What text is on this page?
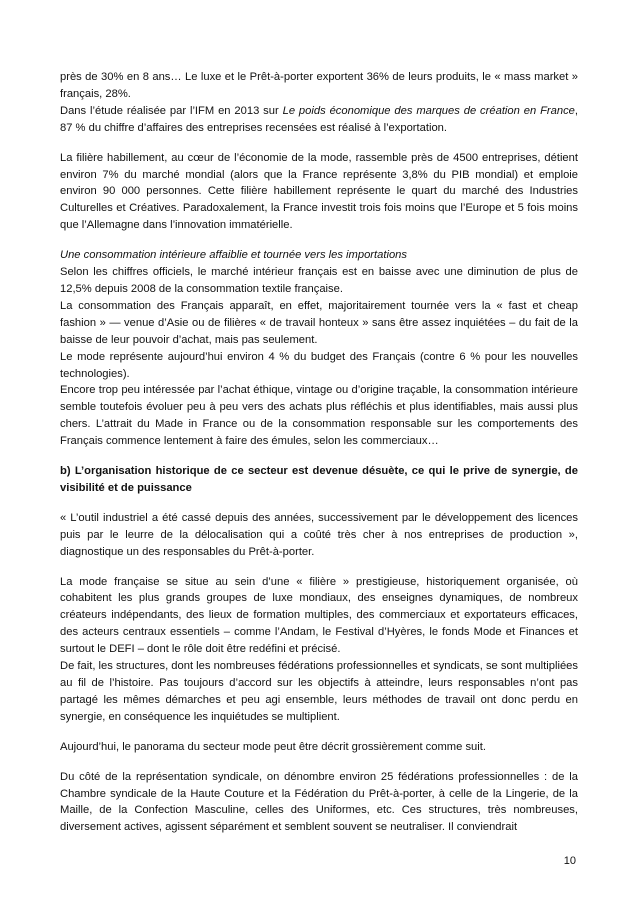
près de 30% en 8 ans… Le luxe et le Prêt-à-porter exportent 36% de leurs produits, le « mass market » français, 28%.

Dans l’étude réalisée par l’IFM en 2013 sur Le poids économique des marques de création en France, 87 % du chiffre d’affaires des entreprises recensées est réalisé à l’exportation.

La filière habillement, au cœur de l’économie de la mode, rassemble près de 4500 entreprises, détient environ 7% du marché mondial (alors que la France représente 3,8% du PIB mondial) et emploie environ 90 000 personnes. Cette filière habillement représente le quart du marché des Industries Culturelles et Créatives. Paradoxalement, la France investit trois fois moins que l’Europe et 5 fois moins que l’Allemagne dans l’innovation immatérielle.

Une consommation intérieure affaiblie et tournée vers les importations

Selon les chiffres officiels, le marché intérieur français est en baisse avec une diminution de plus de 12,5% depuis 2008 de la consommation textile française.

La consommation des Français apparaît, en effet, majoritairement tournée vers la « fast et cheap fashion » — venue d’Asie ou de filières « de travail honteux » sans être assez inquiétées – du fait de la baisse de leur pouvoir d’achat, mais pas seulement.

Le mode représente aujourd’hui environ 4 % du budget des Français (contre 6 % pour les nouvelles technologies).

Encore trop peu intéressée par l’achat éthique, vintage ou d’origine traçable, la consommation intérieure semble toutefois évoluer peu à peu vers des achats plus réfléchis et plus identifiables, mais aussi plus chers. L’attrait du Made in France ou de la consommation responsable sur les comportements des Français commence lentement à faire des émules, selon les commerciaux…

b) L’organisation historique de ce secteur est devenue désuète, ce qui le prive de synergie, de visibilité et de puissance

« L’outil industriel a été cassé depuis des années, successivement par le développement des licences puis par le leurre de la délocalisation qui a coûté très cher à nos entreprises de production », diagnostique un des responsables du Prêt-à-porter.

La mode française se situe au sein d’une « filière » prestigieuse, historiquement organisée, où cohabitent les plus grands groupes de luxe mondiaux, des enseignes dynamiques, de nombreux créateurs indépendants, des lieux de formation multiples, des commerciaux et exportateurs efficaces, des acteurs centraux essentiels – comme l’Andam, le Festival d’Hyères, le fonds Mode et Finances et surtout le DEFI – dont le rôle doit être redéfini et précisé.

De fait, les structures, dont les nombreuses fédérations professionnelles et syndicats, se sont multipliées au fil de l’histoire. Pas toujours d’accord sur les objectifs à atteindre, leurs responsables n’ont pas partagé les mêmes démarches et peu agi ensemble, leurs méthodes de travail ont donc perdu en synergie, en conséquence les inquiétudes se multiplient.

Aujourd’hui, le panorama du secteur mode peut être décrit grossièrement comme suit.

Du côté de la représentation syndicale, on dénombre environ 25 fédérations professionnelles : de la Chambre syndicale de la Haute Couture et la Fédération du Prêt-à-porter, à celle de la Lingerie, de la Maille, de la Confection Masculine, celles des Uniformes, etc. Ces structures, très nombreuses, diversement actives, agissent séparément et semblent souvent se neutraliser. Il conviendrait

10
